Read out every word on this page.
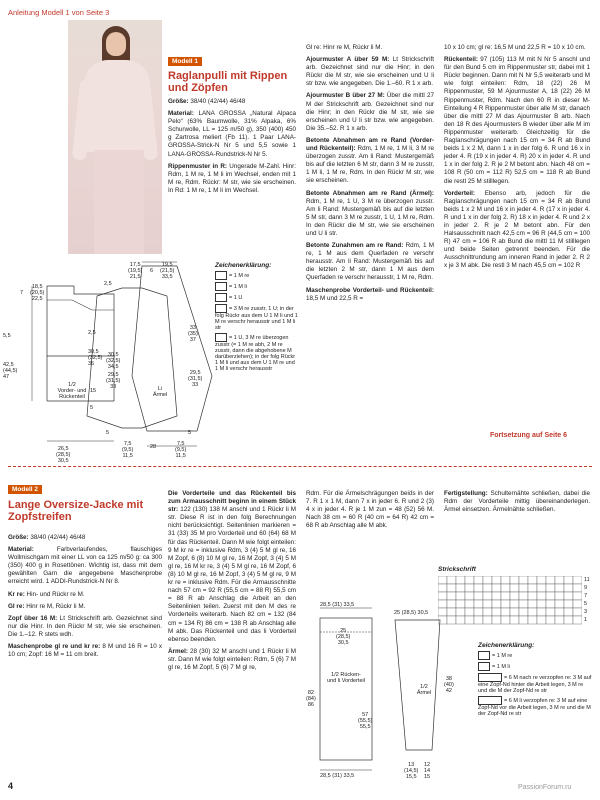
Anleitung Modell 1 von Seite 3
Modell 1
Raglanpulli mit Rippen und Zöpfen

Größe: 38/40 (42/44) 46/48

Material: LANA GROSSA „Natural Alpaca Pelo“ (63% Baumwolle, 31% Alpaka, 6% Schurwolle, LL = 125 m/50 g), 350 (400) 450 g Zartrosa meliert (Fb 11). 1 Paar LANA-GROSSA-Strick-N Nr 5 und 5,5 sowie 1 LANA-GROSSA-Rundstrick-N Nr 5.

Rippenmuster in R: Ungerade M-Zahl. Hinr: Rdm, 1 M re, 1 M li im Wechsel, enden mit 1 M re, Rdm. Rückr: M str, wie sie erscheinen. In Rd: 1 M re, 1 M li im Wechsel.

Gl re: Hinr re M, Rückr li M.

Ajourmuster A über 59 M: Lt Strickschrift arb. Gezeichnet sind nur die Hinr; in den Rückr die M str, wie sie erscheinen und U li str bzw. wie angegeben. Die 1.–60. R 1 x arb.

Ajourmuster B über 27 M: Über die mittl 27 M der Strickschrift arb. Gezeichnet sind nur die Hinr; in den Rückr die M str, wie sie erscheinen und U li str bzw. wie angegeben. Die 35.–52. R 1 x arb.

Betonte Abnahmen am re Rand (Vorder- und Rückenteil): Rdm, 1 M re, 1 M li, 3 M re überzogen zusstr. Am li Rand: Mustergemäß bis auf die letzten 6 M str, dann 3 M re zusstr, 1 M li, 1 M re, Rdm. In den Rückr M str, wie sie erscheinen.

Betonte Abnahmen am re Rand (Ärmel): Rdm, 1 M re, 1 U, 3 M re überzogen zusstr. Am li Rand: Mustergemäß bis auf die letzten 5 M str, dann 3 M re zusstr, 1 U, 1 M re, Rdm. In den Rückr die M str, wie sie erscheinen und U li str.

Betonte Zunahmen am re Rand: Rdm, 1 M re, 1 M aus dem Querfaden re verschr herausstr. Am li Rand: Mustergemäß bis auf die letzten 2 M str, dann 1 M aus dem Querfaden re verschr herausstr, 1 M re, Rdm.

Maschenprobe Vorderteil- und Rückenteil: 18,5 M und 22,5 R =

10 x 10 cm; gl re: 16,5 M und 22,5 R = 10 x 10 cm.

Rückenteil: 97 (105) 113 M mit N Nr 5 anschl und für den Bund 5 cm im Rippenmuster str, dabei mit 1 Rückr beginnen. Dann mit N Nr 5,5 weiterarb und M wie folgt einteilen: Rdm, 18 (22) 26 M Rippenmuster, 59 M Ajourmuster A, 18 (22) 26 M Rippenmuster, Rdm. Nach den 60 R in dieser M-Einteilung 4 R Rippenmuster über alle M str, danach über die mittl 27 M das Ajourmuster B arb. Nach den 18 R des Ajourmusters B wieder über alle M im Rippenmuster weiterarb. Gleichzeitig für die Raglanschrägungen nach 15 cm = 34 R ab Bund beids 1 x 2 M, dann 1 x in der folg 6. R und 16 x in jeder 4. R (19 x in jeder 4. R) 20 x in jeder 4. R und 1 x in der folg 2. R je 2 M betont abn. Nach 48 cm = 108 R (50 cm = 112 R) 52,5 cm = 118 R ab Bund die restl 25 M stilllegen.

Vorderteil: Ebenso arb, jedoch für die Raglanschrägungen nach 15 cm = 34 R ab Bund beids 1 x 2 M und 16 x in jeder 4. R (17 x in jeder 4. R und 1 x in der folg 2. R) 18 x in jeder 4. R und 2 x in jeder 2. R je 2 M betont abn. Für den Halsausschnitt nach 42,5 cm = 96 R (44,5 cm = 100 R) 47 cm = 106 R ab Bund die mittl 11 M stilllegen und beide Seiten getrennt beenden. Für die Ausschnittrundung am inneren Rand in jeder 2. R 2 x je 3 M abk. Die restl 3 M nach 45,5 cm = 102 R

Fortsetzung auf Seite 6
1/2
Vorder- und Rückenteil
Li
Ärmel
7
18,5
(20,5)
22,5
5,5
42,5
(44,5)
47
30,5
(32,5)
35
2,5
15
5
26,5
(28,5)
30,5
17,5
(19,5)
21,5
6
19,5
(21,5)
33,5
33
(35)
37
29,5
(31,5)
33
5
7,5
(9,5)
11,5
28	7,5
(9,5)
11,5
2,5
30,5
(32,5)
34,5
29,5
(31,5)
33
5
Zeichenerklärung:
= 1 M re
= 1 M li
= 1 U
= 3 M re zusstr, 1 U; in der folg Rückr aus dem U 1 M li und 1 M re verschr herausstr und 1 M li str
= 1 U, 3 M re überzogen zusstr (= 1 M re abh, 2 M re zusstr, dann die abgehobene M darüberziehen); in der folg Rückr 1 M li und aus dem U 1 M re und 1 M li verschr herausstr
Modell 2
Lange Oversize-Jacke mit Zopfstreifen

Größe: 38/40 (42/44) 46/48

Material:	Farbverlaufendes, flauschiges Wollmischgarn mit einer LL von ca 125 m/50 g: ca 300 (350) 400 g in Rosettönen. Wichtig ist, dass mit dem gewählten Garn die angegebene Maschenprobe erreicht wird. 1 ADDI-Rundstrick-N Nr 8.

Kr re: Hin- und Rückr re M.

Gl re: Hinr re M, Rückr li M.

Zopf über 16 M: Lt Strickschrift arb. Gezeichnet sind nur die Hinr. In den Rückr M str, wie sie erscheinen. Die 1.–12. R stets wdh.

Maschenprobe gl re und kr re: 8 M und 16 R = 10 x 10 cm; Zopf: 16 M = 11 cm breit.

Die Vorderteile und das Rückenteil bis zum Armausschnitt beginn in einem Stück str: 122 (130) 138 M anschl und 1 Rückr li M str. Diese R ist in den folg Berechnungen nicht berücksichtigt. Seitenlinien markieren = 31 (33) 35 M pro Vorderteil und 60 (64) 68 M für das Rückenteil. Dann M wie folgt einteilen: 9 M kr re = inklusive Rdm, 3 (4) 5 M gl re, 16 M Zopf, 6 (8) 10 M gl re, 16 M Zopf, 3 (4) 5 M gl re, 16 M kr re, 3 (4) 5 M gl re, 16 M Zopf, 6 (8) 10 M gl re, 16 M Zopf, 3 (4) 5 M gl re, 9 M kr re = inklusive Rdm. Für die Armausschnitte nach 57 cm = 92 R (55,5 cm = 88 R) 55,5 cm = 88 R ab Anschlag die Arbeit an den Seitenlinien teilen. Zuerst mit den M des re Vorderteils weiterarb. Nach 82 cm = 132 (84 cm = 134 R) 86 cm = 138 R ab Anschlag alle M abk. Das Rückenteil und das li Vorderteil ebenso beenden.

Ärmel: 28 (30) 32 M anschl und 1 Rückr li M str. Dann M wie folgt einteilen: Rdm, 5 (6) 7 M gl re, 16 M Zopf, 5 (6) 7 M gl re,

Rdm. Für die Ärmelschrägungen beids in der 7. R 1 x 1 M, dann 7 x in jeder 6. R und 2 (3) 4 x in jeder 4. R je 1 M zun = 48 (52) 56 M. Nach 38 cm = 60 R (40 cm = 64 R) 42 cm = 68 R ab Anschlag alle M abk.

Fertigstellung: Schulternähte schließen, dabei die Rdm der Vorderteile mittig übereinanderlegen. Ärmel einsetzen. Ärmelnähte schließen.

Strickschrift
11
9
7
5
3
1
Zeichenerklärung:
= 1 M re
= 1 M li
= 6 M nach re verzopfen re: 3 M auf eine Zopf-Nd hinter die Arbeit legen, 3 M re und die M der Zopf-Nd re str
= 6 M li verzopfen re: 3 M auf eine Zopf-Nd vor die Arbeit legen, 3 M re und die M der Zopf-Nd re str
28,5 (31) 33,5
25
(28,5)
30,5
82
(84)
86
57
(55,5)
55,5
28,5 (31) 33,5
1/2 Rücken- und li Vorderteil
25 (28,5) 30,5
38
(40)
42
13
(14,5)
15,5
12
14
15
1/2
Ärmel
4	PassionForum.ru
